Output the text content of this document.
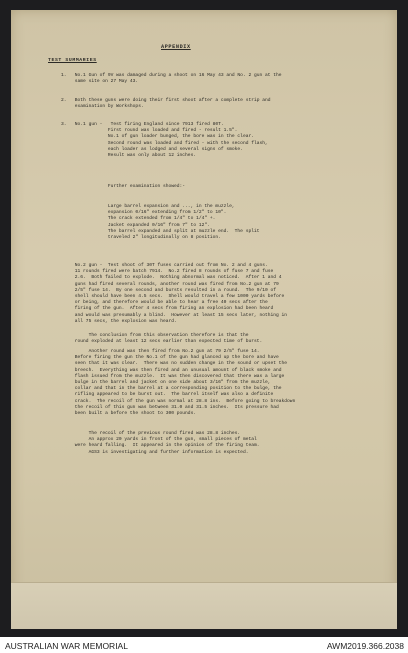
APPENDIX
TEST SUMMARIES
1.   No.1 Gun of 9V was damaged during a shoot on 16 May 43 and No. 2 gun at the
same site on 27 May 43.
2.   Both these guns were doing their first shoot after a complete strip and
examination by Workshops.
3.   No.1 gun -   Test firing England since 7913 fired 80T.
First round was loaded and fired - result 1.5".
No.1 of gun loader bunged, the bore was in the clear.
Second round was loaded and fired - with the second flash,
each loader as lodged and several signs of smoke.
Result was only about 12 inches.
Further examination showed:-
Large barrel expansion and ..., in the muzzle,
expansion 0/16" extending from 1/2" to 10".
The crack extended from 1/4" to 1/4" +.
Jacket expanded 0/16" from 7" to 12".
The barrel expanded and split at muzzle end.  The split
traveled 2" longitudinally on 8 position.
No.2 gun -  Test shoot of 30T fuses carried out from No. 2 and 4 guns.
11 rounds fired were batch 7914.  No.2 fired 8 rounds of fuse 7 and fuse
2.6.  Both failed to explode.  Nothing abnormal was noticed.  After 1 and 4
guns had fired several rounds, another round was fired from No.2 gun at 79
2/5" fuse 14.  By one second and bursts resulted in a round.  The 9/10 of
shell should have been 4.5 secs.  Shell would travel a few 1000 yards before
or being, and therefore would be able to hear a free 40 secs after the
firing of the gun.  After 4 secs from firing an explosion had been heard
and would was presumably a blind.  However at least 15 secs later, nothing in
all 75 secs, the explosion was heard.
The conclusion from this observation therefore is that the
round exploded at least 12 secs earlier than expected time of burst.
Another round was then fired from No.2 gun at 79 2/5" fuse 14.
Before firing the gun the No.1 of the gun had glanced up the bore and have
seen that it was clear.  There was no sudden change in the sound or upset the
breech.  Everything was then fired and an unusual amount of black smoke and
flash issued from the muzzle.  It was then discovered that there was a large
bulge in the barrel and jacket on one side about 3/16" from the muzzle,
collar and that in the barrel at a corresponding position to the bulge, the
rifling appeared to be burst out.  The barrel itself was also a definite
crack.  The recoil of the gun was normal at 28.8 ins.  Before going to breakdown
the recoil of this gun was between 31.0 and 31.5 inches.  Its pressure had
been built a before the shoot to 300 pounds.
The recoil of the previous round fired was 28.8 inches.
An approx 20 yards in front of the gun, small pieces of metal
were heard falling.  It appeared in the opinion of the firing team.
AGS3 is investigating and further information is expected.
AUSTRALIAN WAR MEMORIAL	AWM2019.366.2038
